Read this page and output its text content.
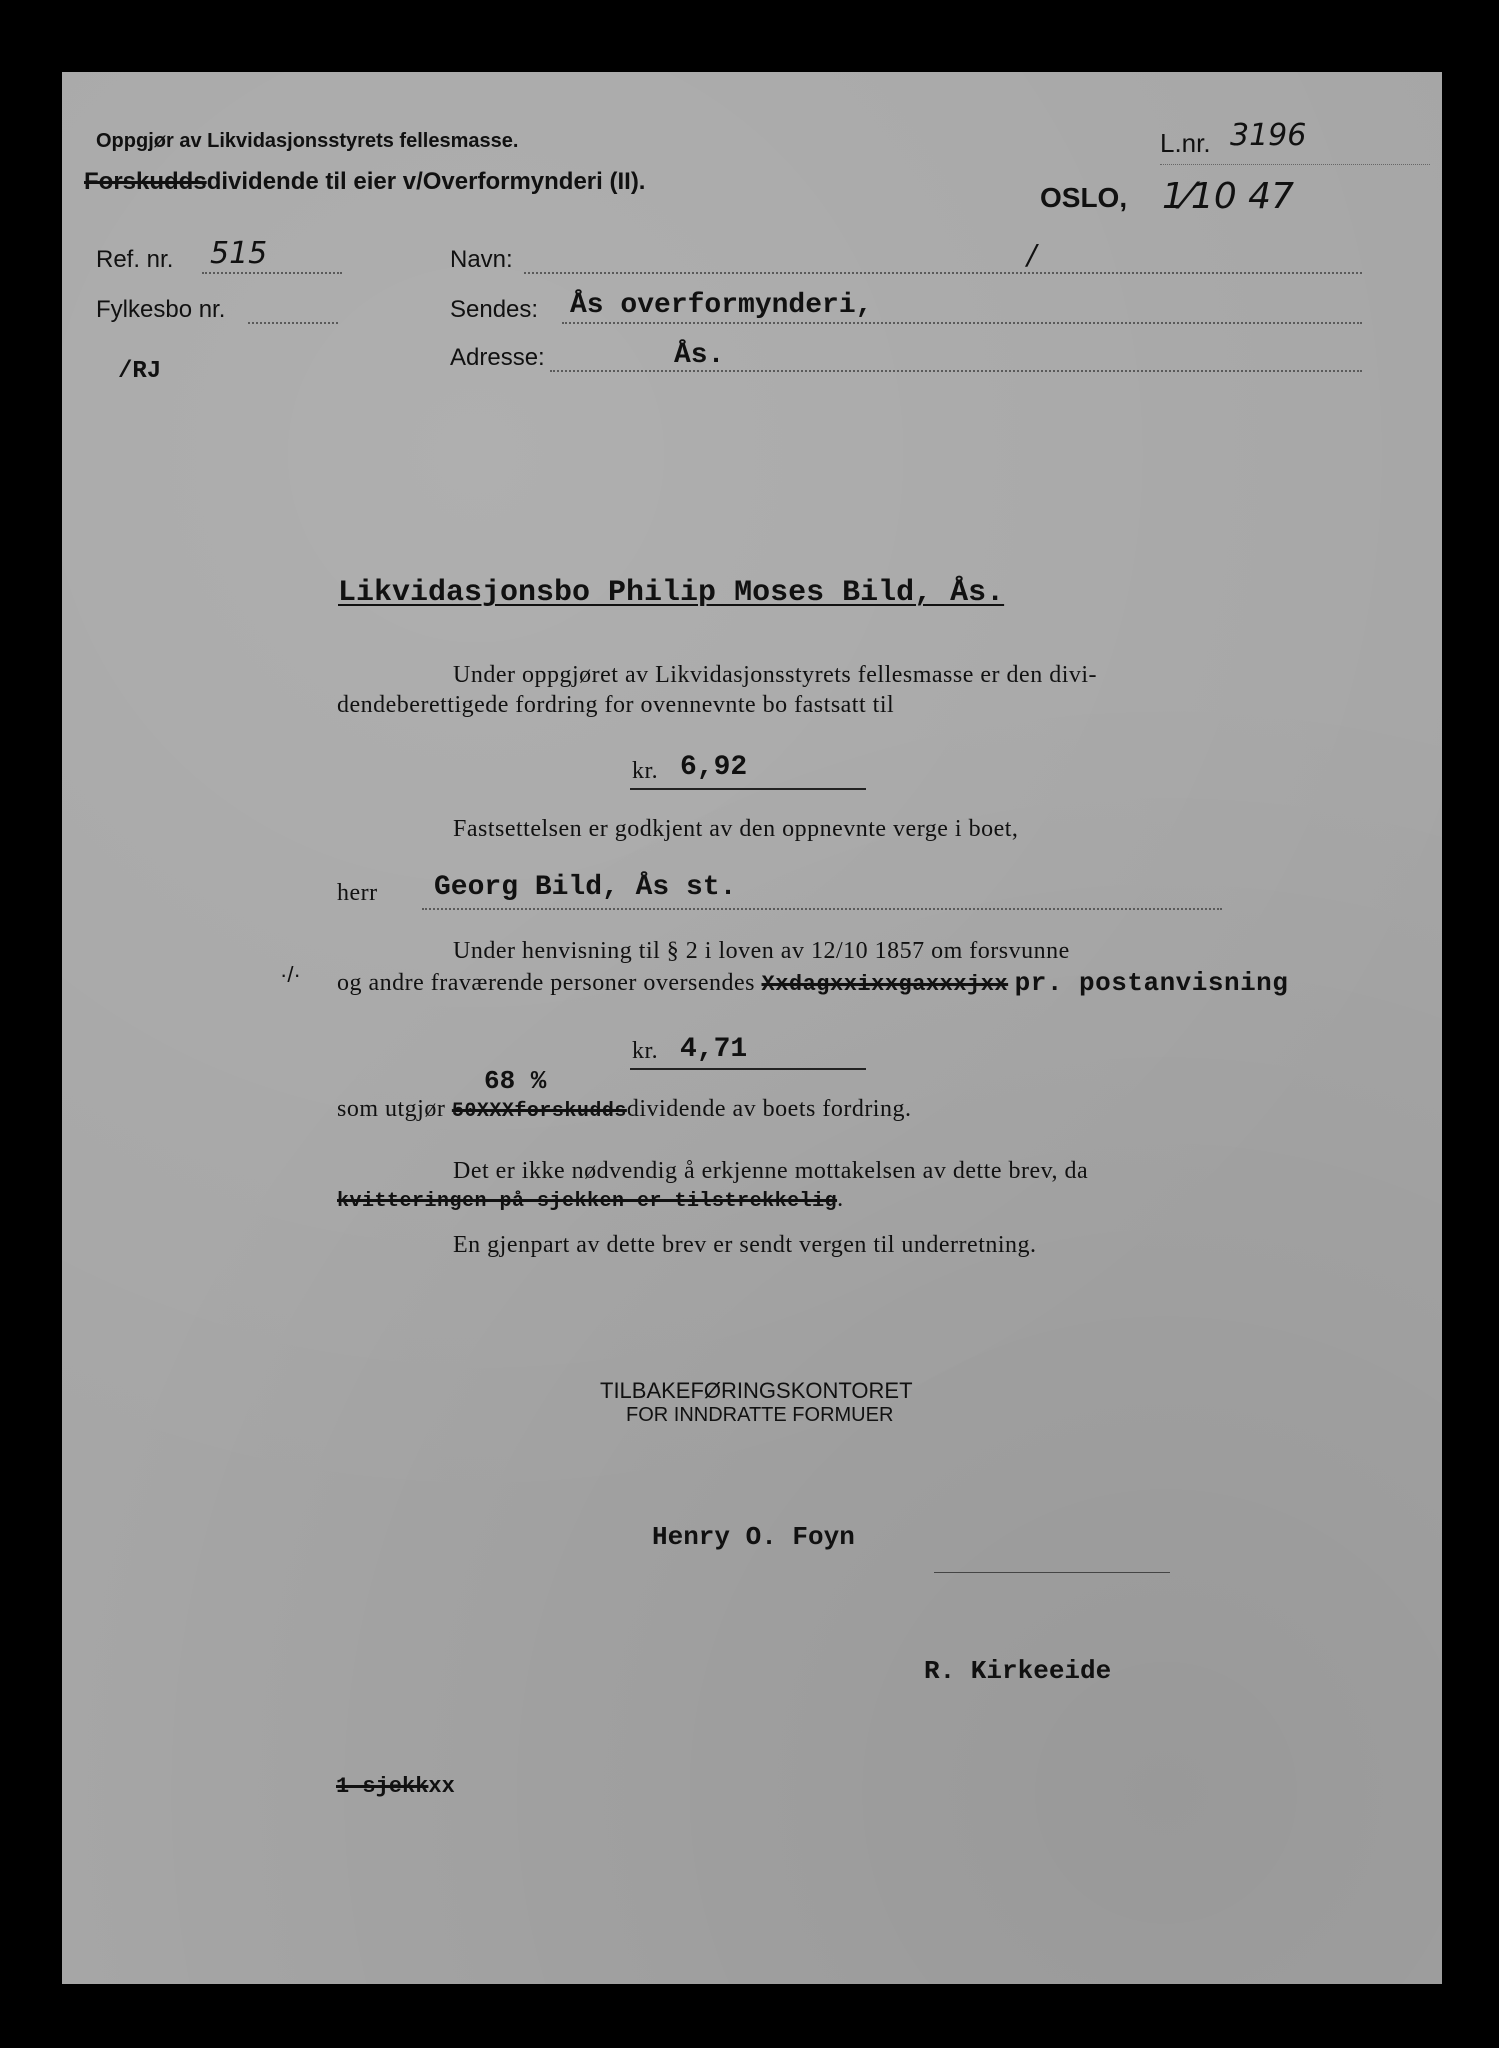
Oppgjør av Likvidasjonsstyrets fellesmasse.
Forskuddsdividende til eier v/Overformynderi (II).
L.nr. 3196
OSLO, 1⁄10 47
Ref. nr. 515
Fylkesbo nr.
/RJ
Navn:	/
Sendes: Ås overformynderi,
Adresse:	Ås.
Likvidasjonsbo Philip Moses Bild, Ås.
Under oppgjøret av Likvidasjonsstyrets fellesmasse er den divi-
dendeberettigede fordring for ovennevnte bo fastsatt til
kr. 6,92
Fastsettelsen er godkjent av den oppnevnte verge i boet,
herr Georg Bild, Ås st.
Under henvisning til § 2 i loven av 12/10 1857 om forsvunne
·/· og andre fraværende personer oversendes Xxdagxxixxgaxxxjxx pr. postanvisning
kr. 4,71
68 %
som utgjør 50XXXforskuddsdividende av boets fordring.
Det er ikke nødvendig å erkjenne mottakelsen av dette brev, da
kvitteringen på sjekken er tilstrekkelig.
En gjenpart av dette brev er sendt vergen til underretning.
TILBAKEFØRINGSKONTORET
FOR INNDRATTE FORMUER
Henry O. Foyn
R. Kirkeeide
1 sjekkxx
